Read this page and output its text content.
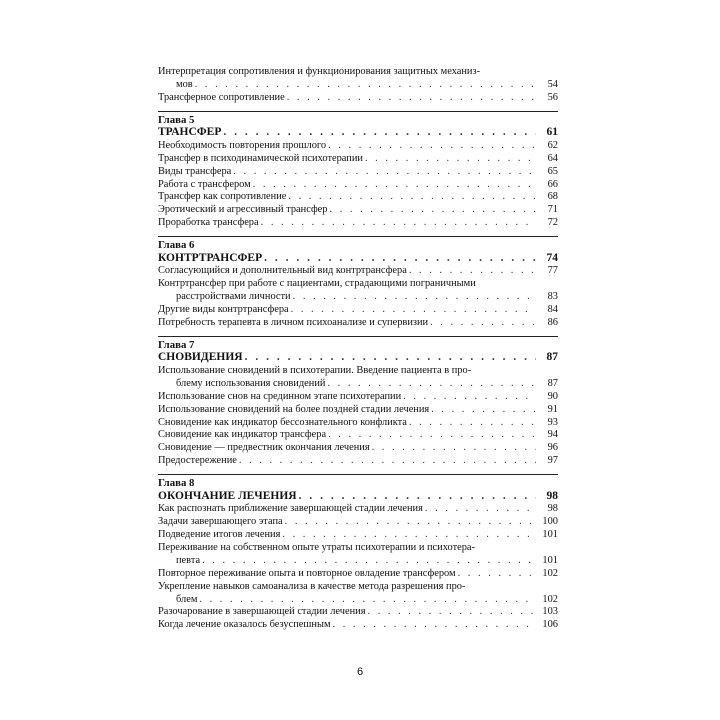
Интерпретация сопротивления и функционирования защитных механиз-
мов . . .	54
Трансферное сопротивление . . .	56
Глава 5
ТРАНСФЕР . . .	61
Необходимость повторения прошлого . . .	62
Трансфер в психодинамической психотерапии . . .	64
Виды трансфера . . .	65
Работа с трансфером . . .	66
Трансфер как сопротивление . . .	68
Эротический и агрессивный трансфер . . .	71
Проработка трансфера . . .	72
Глава 6
КОНТРТРАНСФЕР . . .	74
Согласующийся и дополнительный вид контртрансфера . . .	77
Контртрансфер при работе с пациентами, страдающими пограничными
расстройствами личности . . .	83
Другие виды контртрансфера . . .	84
Потребность терапевта в личном психоанализе и супервизии . . .	86
Глава 7
СНОВИДЕНИЯ . . .	87
Использование сновидений в психотерапии. Введение пациента в про-
блему использования сновидений . . .	87
Использование снов на срединном этапе психотерапии . . .	90
Использование сновидений на более поздней стадии лечения . . .	91
Сновидение как индикатор бессознательного конфликта . . .	93
Сновидение как индикатор трансфера . . .	94
Сновидение — предвестник окончания лечения . . .	96
Предостережение . . .	97
Глава 8
ОКОНЧАНИЕ ЛЕЧЕНИЯ . . .	98
Как распознать приближение завершающей стадии лечения . . .	98
Задачи завершающего этапа . . .	100
Подведение итогов лечения . . .	101
Переживание на собственном опыте утраты психотерапии и психотера-
певта . . .	101
Повторное переживание опыта и повторное овладение трансфером . . .	102
Укрепление навыков самоанализа в качестве метода разрешения про-
блем . . .	102
Разочарование в завершающей стадии лечения . . .	103
Когда лечение оказалось безуспешным . . .	106
6
